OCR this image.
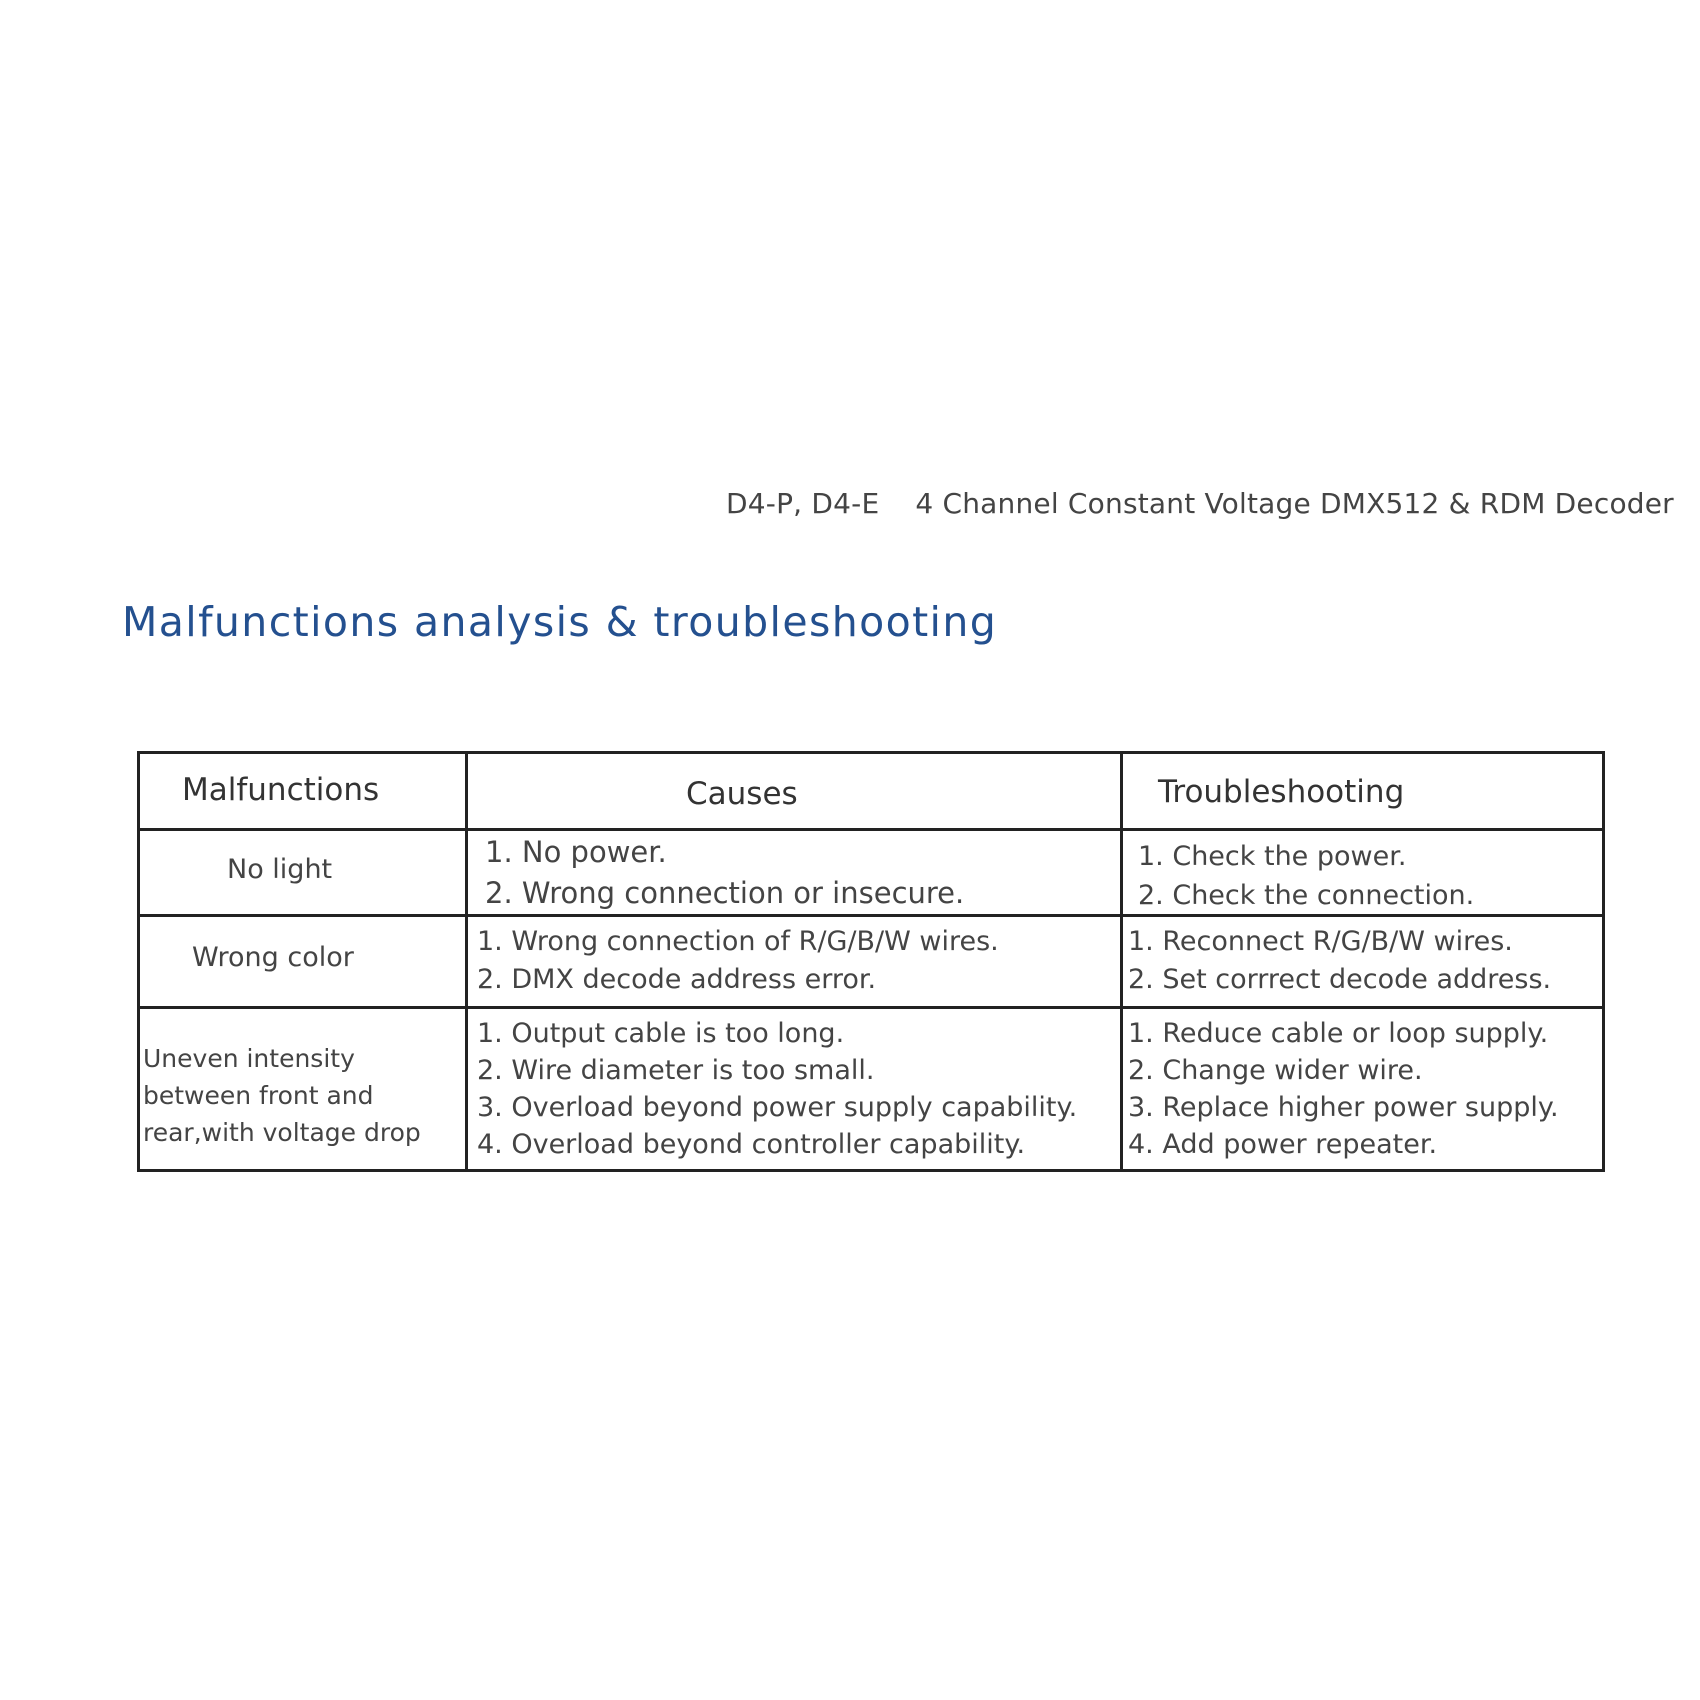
D4-P, D4-E 4 Channel Constant Voltage DMX512 & RDM Decoder
Malfunctions analysis & troubleshooting
Malfunctions	Causes	Troubleshooting
No light
1. No power.
2. Wrong connection or insecure.
1. Check the power.
2. Check the connection.
Wrong color
1. Wrong connection of R/G/B/W wires.
2. DMX decode address error.
1. Reconnect R/G/B/W wires.
2. Set corrrect decode address.
Uneven intensity
between front and
rear,with voltage drop
1. Output cable is too long.
2. Wire diameter is too small.
3. Overload beyond power supply capability.
4. Overload beyond controller capability.
1. Reduce cable or loop supply.
2. Change wider wire.
3. Replace higher power supply.
4. Add power repeater.
